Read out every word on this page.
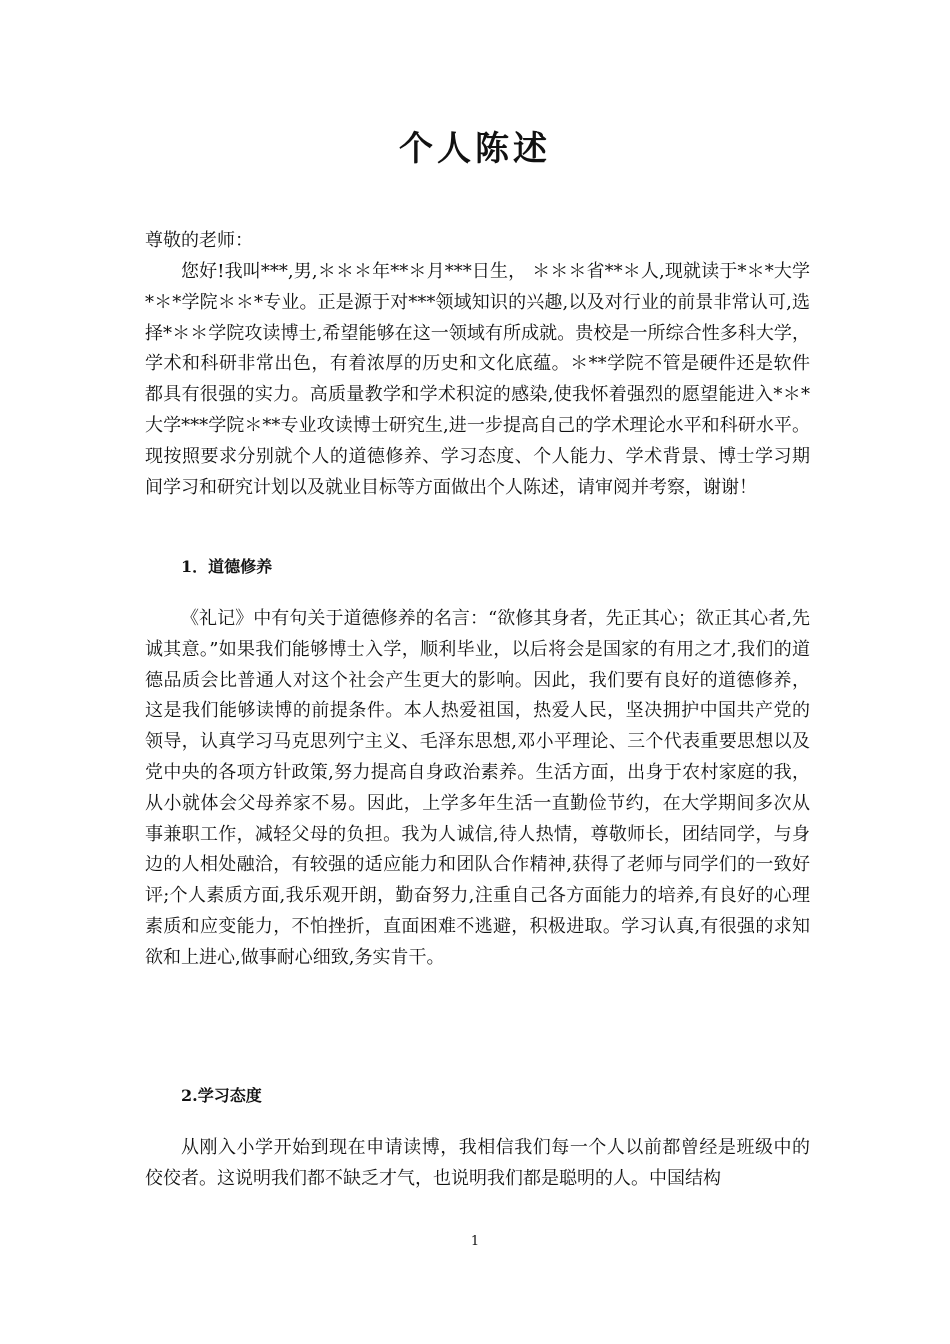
个人陈述

尊敬的老师：

您好!我叫***,男,＊＊＊年**＊月***日生， ＊＊＊省**＊人,现就读于*＊*大学*＊*学院＊＊*专业。正是源于对***领域知识的兴趣,以及对行业的前景非常认可,选择*＊＊学院攻读博士,希望能够在这一领域有所成就。贵校是一所综合性多科大学，学术和科研非常出色，有着浓厚的历史和文化底蕴。＊**学院不管是硬件还是软件都具有很强的实力。高质量教学和学术积淀的感染,使我怀着强烈的愿望能进入*＊*大学***学院＊**专业攻读博士研究生,进一步提高自己的学术理论水平和科研水平。现按照要求分别就个人的道德修养、学习态度、个人能力、学术背景、博士学习期间学习和研究计划以及就业目标等方面做出个人陈述，请审阅并考察，谢谢！

1．道德修养

《礼记》中有句关于道德修养的名言：“欲修其身者，先正其心；欲正其心者,先诚其意。”如果我们能够博士入学，顺利毕业，以后将会是国家的有用之才,我们的道德品质会比普通人对这个社会产生更大的影响。因此，我们要有良好的道德修养，这是我们能够读博的前提条件。本人热爱祖国，热爱人民，坚决拥护中国共产党的领导，认真学习马克思列宁主义、毛泽东思想,邓小平理论、三个代表重要思想以及党中央的各项方针政策,努力提高自身政治素养。生活方面，出身于农村家庭的我，从小就体会父母养家不易。因此，上学多年生活一直勤俭节约，在大学期间多次从事兼职工作，减轻父母的负担。我为人诚信,待人热情，尊敬师长，团结同学，与身边的人相处融洽，有较强的适应能力和团队合作精神,获得了老师与同学们的一致好评;个人素质方面,我乐观开朗，勤奋努力,注重自己各方面能力的培养,有良好的心理素质和应变能力，不怕挫折，直面困难不逃避，积极进取。学习认真,有很强的求知欲和上进心,做事耐心细致,务实肯干。

2.学习态度

从刚入小学开始到现在申请读博，我相信我们每一个人以前都曾经是班级中的佼佼者。这说明我们都不缺乏才气，也说明我们都是聪明的人。中国结构

1
